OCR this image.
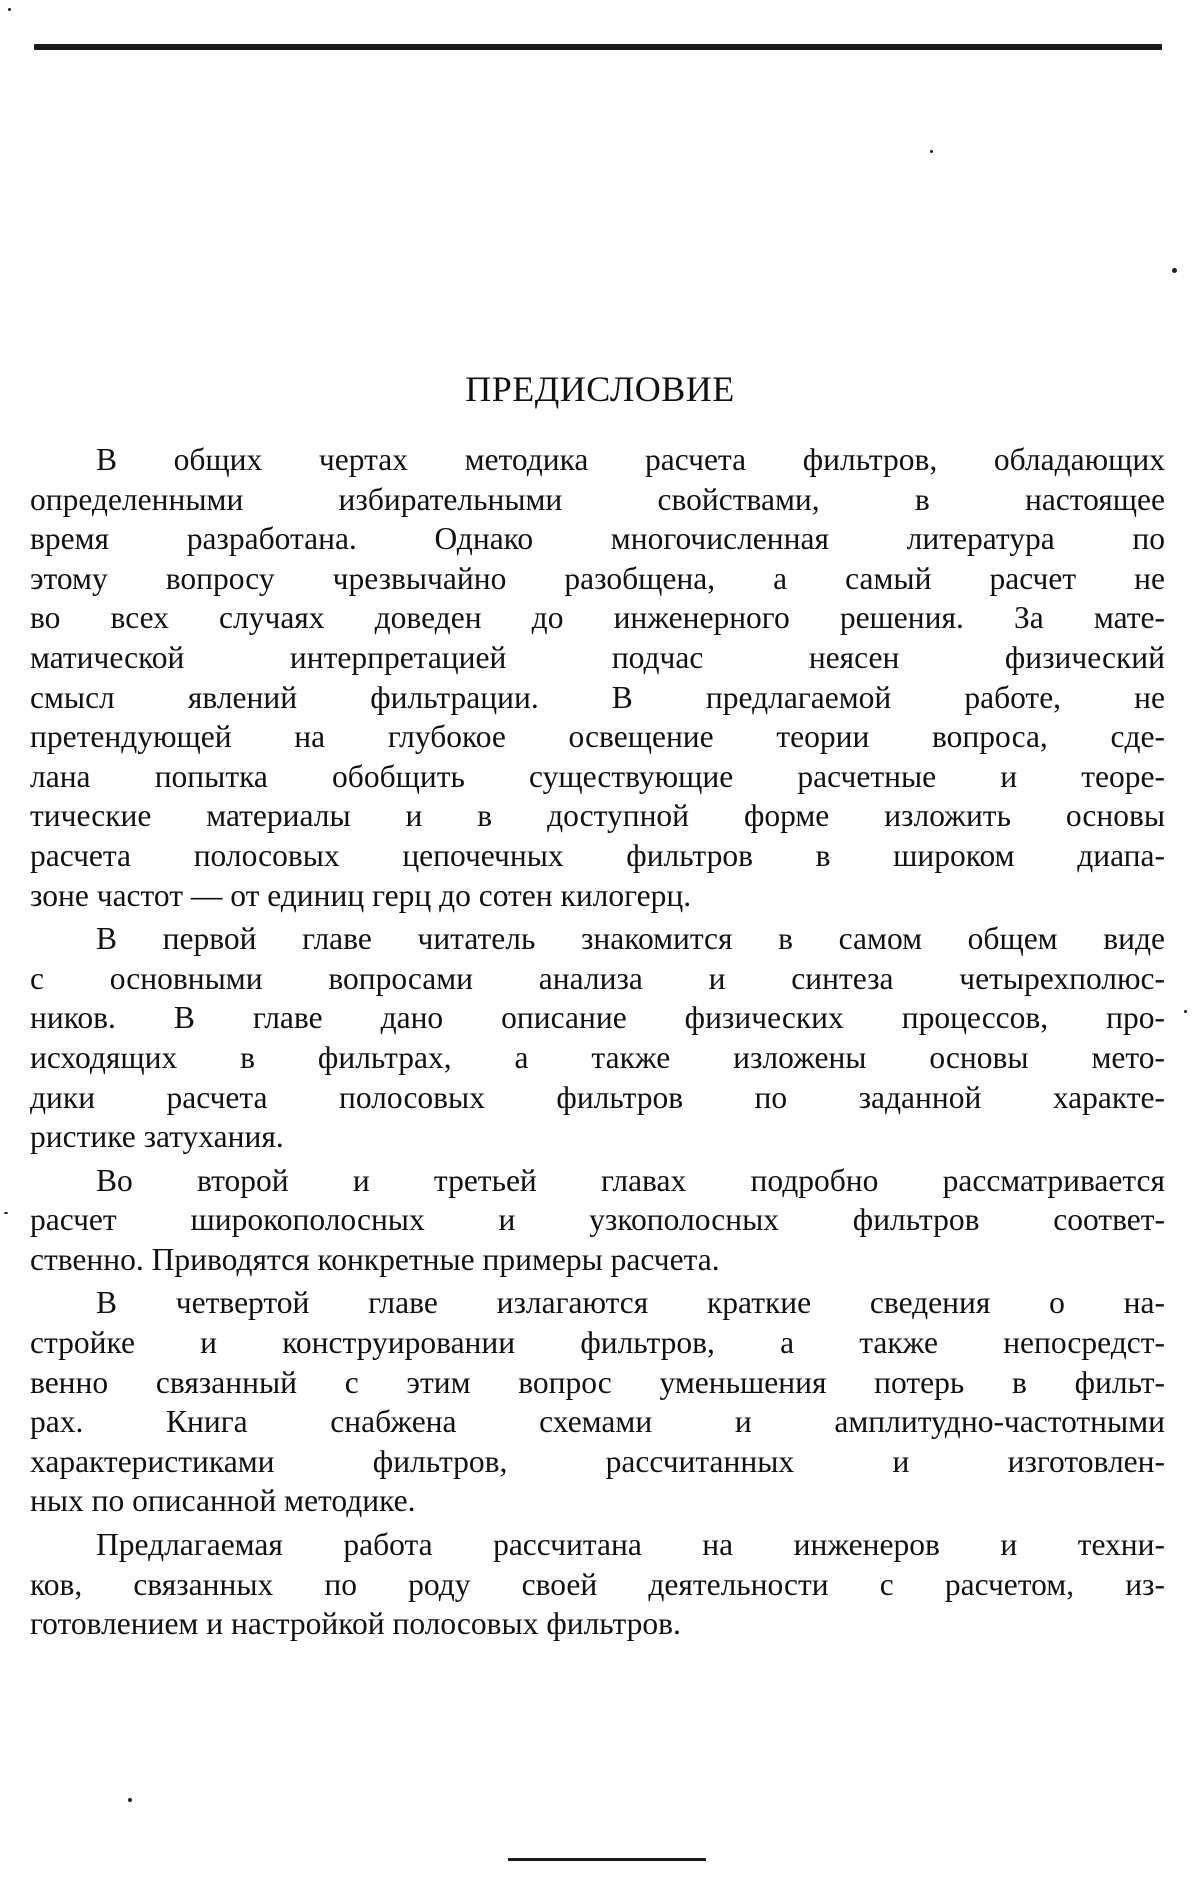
ПРЕДИСЛОВИЕ

В общих чертах методика расчета фильтров, обладающих
определенными избирательными свойствами, в настоящее
время разработана. Однако многочисленная литература по
этому вопросу чрезвычайно разобщена, а самый расчет не
во всех случаях доведен до инженерного решения. За мате-
матической интерпретацией подчас неясен физический
смысл явлений фильтрации. В предлагаемой работе, не
претендующей на глубокое освещение теории вопроса, сде-
лана попытка обобщить существующие расчетные и теоре-
тические материалы и в доступной форме изложить основы
расчета полосовых цепочечных фильтров в широком диапа-
зоне частот — от единиц герц до сотен килогерц.

В первой главе читатель знакомится в самом общем виде
с основными вопросами анализа и синтеза четырехполюс-
ников. В главе дано описание физических процессов, про-
исходящих в фильтрах, а также изложены основы мето-
дики расчета полосовых фильтров по заданной характе-
ристике затухания.

Во второй и третьей главах подробно рассматривается
расчет широкополосных и узкополосных фильтров соответ-
ственно. Приводятся конкретные примеры расчета.

В четвертой главе излагаются краткие сведения о на-
стройке и конструировании фильтров, а также непосредст-
венно связанный с этим вопрос уменьшения потерь в фильт-
рах. Книга снабжена схемами и амплитудно-частотными
характеристиками фильтров, рассчитанных и изготовлен-
ных по описанной методике.

Предлагаемая работа рассчитана на инженеров и техни-
ков, связанных по роду своей деятельности с расчетом, из-
готовлением и настройкой полосовых фильтров.
